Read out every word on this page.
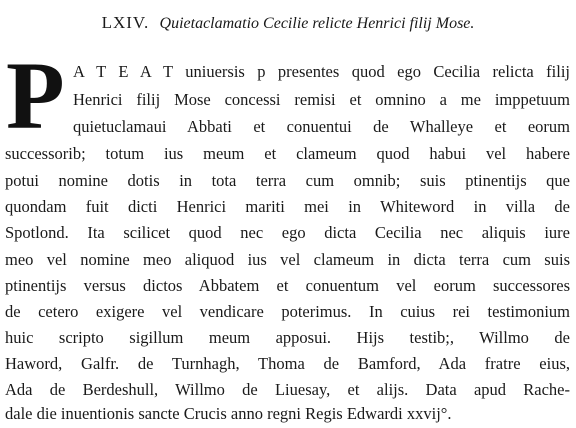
LXIV. Quietaclamatio Cecilie relicte Henrici filij Mose.
P A T E A T uniuersis p presentes quod ego Cecilia relicta filij
Henrici filij Mose concessi remisi et omnino a me imppetuum
quietuclamaui Abbati et conuentui de Whalleye et eorum
successorib; totum ius meum et clameum quod habui vel habere
potui nomine dotis in tota terra cum omnib; suis ptinentijs que
quondam fuit dicti Henrici mariti mei in Whiteword in villa de
Spotlond. Ita scilicet quod nec ego dicta Cecilia nec aliquis iure
meo vel nomine meo aliquod ius vel clameum in dicta terra cum suis
ptinentijs versus dictos Abbatem et conuentum vel eorum successores
de cetero exigere vel vendicare poterimus. In cuius rei testimonium
huic scripto sigillum meum apposui. Hijs testib;, Willmo de
Haword, Galfr. de Turnhagh, Thoma de Bamford, Ada fratre eius,
Ada de Berdeshull, Willmo de Liuesay, et alijs. Data apud Rache-
dale die inuentionis sancte Crucis anno regni Regis Edwardi xxvij°.
